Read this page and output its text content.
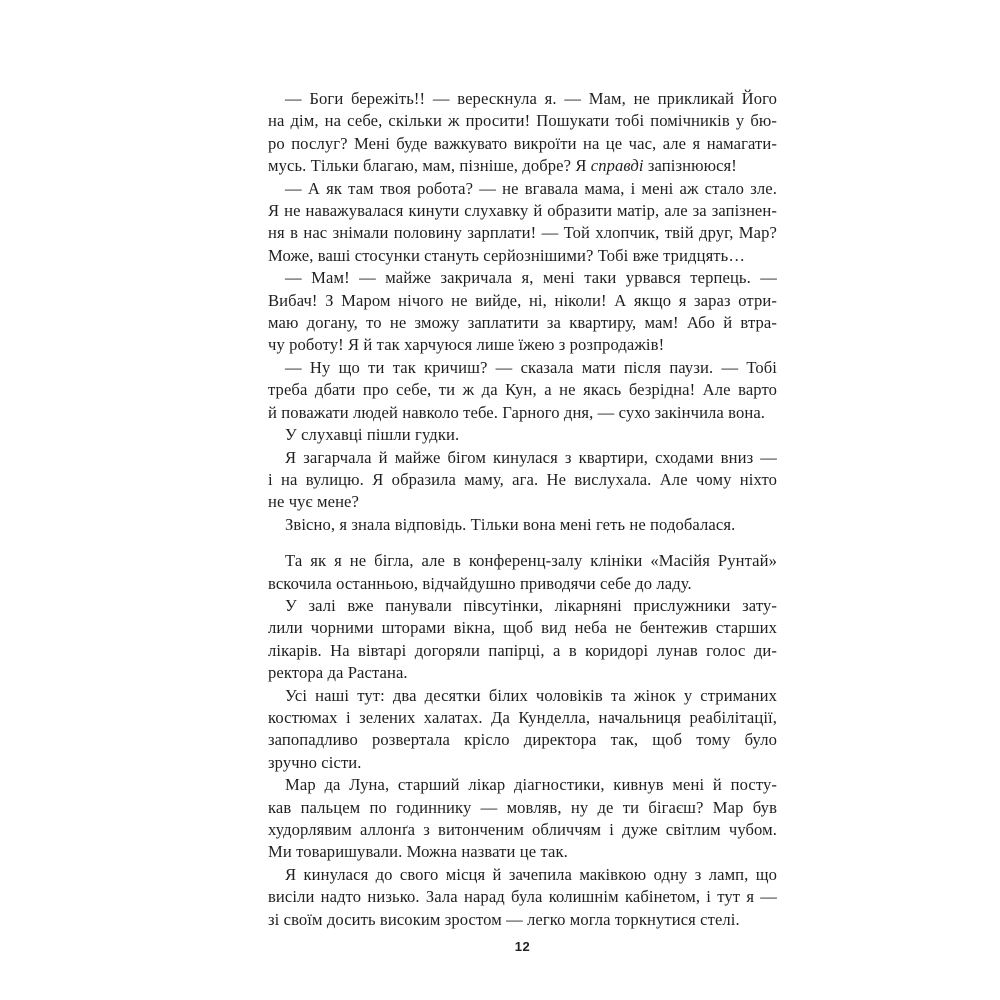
— Боги бережіть!! — верескнула я. — Мам, не прикликай Його
на дім, на себе, скільки ж просити! Пошукати тобі помічників у бю-
ро послуг? Мені буде важкувато викроїти на це час, але я намагати-
мусь. Тільки благаю, мам, пізніше, добре? Я справді запізнююся!
— А як там твоя робота? — не вгавала мама, і мені аж стало зле.
Я не наважувалася кинути слухавку й образити матір, але за запізнен-
ня в нас знімали половину зарплати! — Той хлопчик, твій друг, Мар?
Може, ваші стосунки стануть серйознішими? Тобі вже тридцять…
— Мам! — майже закричала я, мені таки урвався терпець. —
Вибач! З Маром нічого не вийде, ні, ніколи! А якщо я зараз отри-
маю догану, то не зможу заплатити за квартиру, мам! Або й втра-
чу роботу! Я й так харчуюся лише їжею з розпродажів!
— Ну що ти так кричиш? — сказала мати після паузи. — Тобі
треба дбати про себе, ти ж да Кун, а не якась безрідна! Але варто
й поважати людей навколо тебе. Гарного дня, — сухо закінчила вона.
У слухавці пішли гудки.
Я загарчала й майже бігом кинулася з квартири, сходами вниз —
і на вулицю. Я образила маму, ага. Не вислухала. Але чому ніхто
не чує мене?
Звісно, я знала відповідь. Тільки вона мені геть не подобалася.
Та як я не бігла, але в конференц-залу клініки «Масійя Рунтай»
вскочила останньою, відчайдушно приводячи себе до ладу.
У залі вже панували півсутінки, лікарняні прислужники зату-
лили чорними шторами вікна, щоб вид неба не бентежив старших
лікарів. На вівтарі догоряли папірці, а в коридорі лунав голос ди-
ректора да Растана.
Усі наші тут: два десятки білих чоловіків та жінок у стриманих
костюмах і зелених халатах. Да Кунделла, начальниця реабілітації,
запопадливо розвертала крісло директора так, щоб тому було
зручно сісти.
Мар да Луна, старший лікар діагностики, кивнув мені й посту-
кав пальцем по годиннику — мовляв, ну де ти бігаєш? Мар був
худорлявим аллонґа з витонченим обличчям і дуже світлим чубом.
Ми товаришували. Можна назвати це так.
Я кинулася до свого місця й зачепила маківкою одну з ламп, що
висіли надто низько. Зала нарад була колишнім кабінетом, і тут я —
зі своїм досить високим зростом — легко могла торкнутися стелі.
12
